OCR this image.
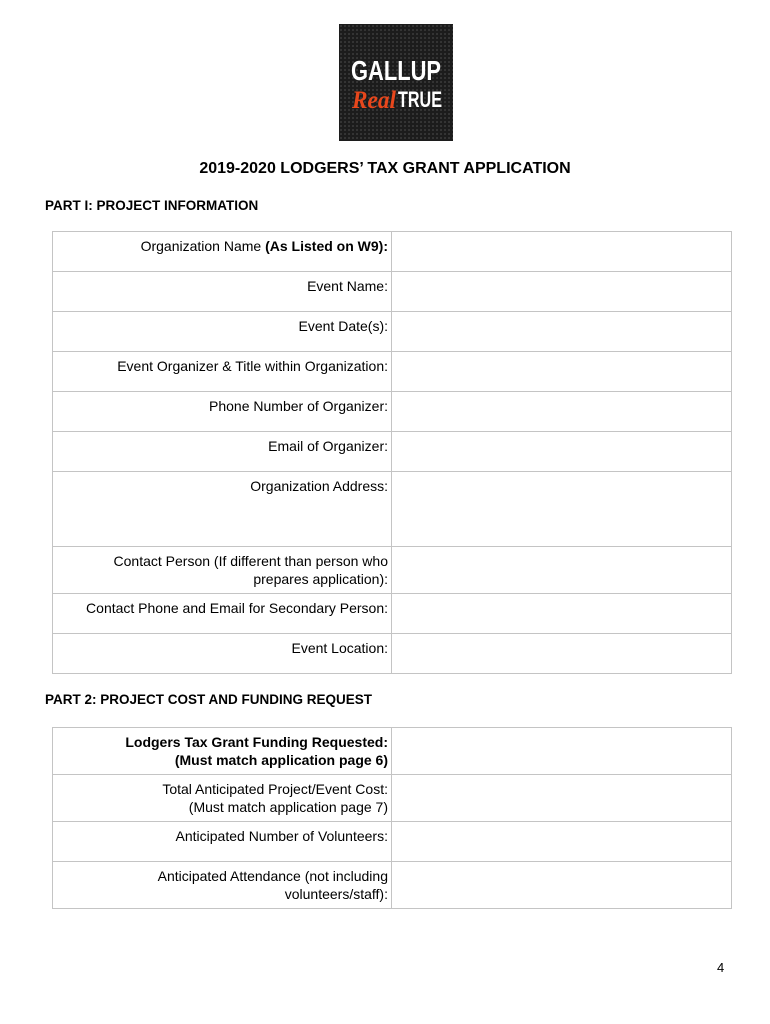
GALLUP
Real TRUE
2019-2020 LODGERS’ TAX GRANT APPLICATION
PART I: PROJECT INFORMATION
Organization Name (As Listed on W9):	
Event Name:	
Event Date(s):	
Event Organizer & Title within Organization:	
Phone Number of Organizer:	
Email of Organizer:	
Organization Address:	

Contact Person (If different than person who
prepares application):	

Contact Phone and Email for Secondary Person:	
Event Location:	
PART 2: PROJECT COST AND FUNDING REQUEST
Lodgers Tax Grant Funding Requested:
(Must match application page 6)	

Total Anticipated Project/Event Cost:
(Must match application page 7)	

Anticipated Number of Volunteers:	

Anticipated Attendance (not including
volunteers/staff):	

4
